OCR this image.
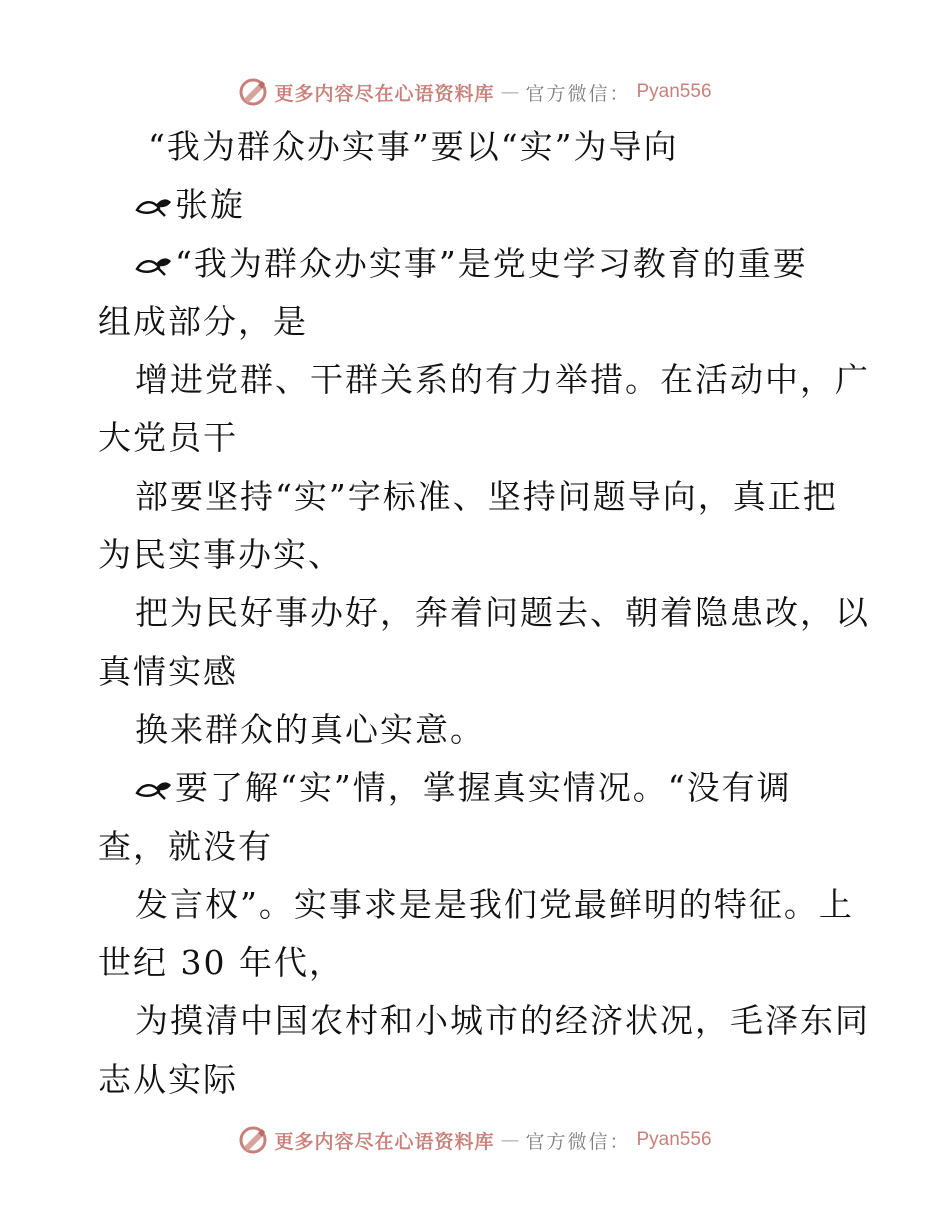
更多内容尽在心语资料库 — 官方微信： Pyan556
“我为群众办实事”要以“实”为导向
张旋
“我为群众办实事”是党史学习教育的重要
组成部分，是
增进党群、干群关系的有力举措。在活动中，广
大党员干
部要坚持“实”字标准、坚持问题导向，真正把
为民实事办实、
把为民好事办好，奔着问题去、朝着隐患改，以
真情实感
换来群众的真心实意。
要了解“实”情，掌握真实情况。“没有调
查，就没有
发言权”。实事求是是我们党最鲜明的特征。上
世纪 30 年代，
为摸清中国农村和小城市的经济状况，毛泽东同
志从实际
更多内容尽在心语资料库 — 官方微信： Pyan556
